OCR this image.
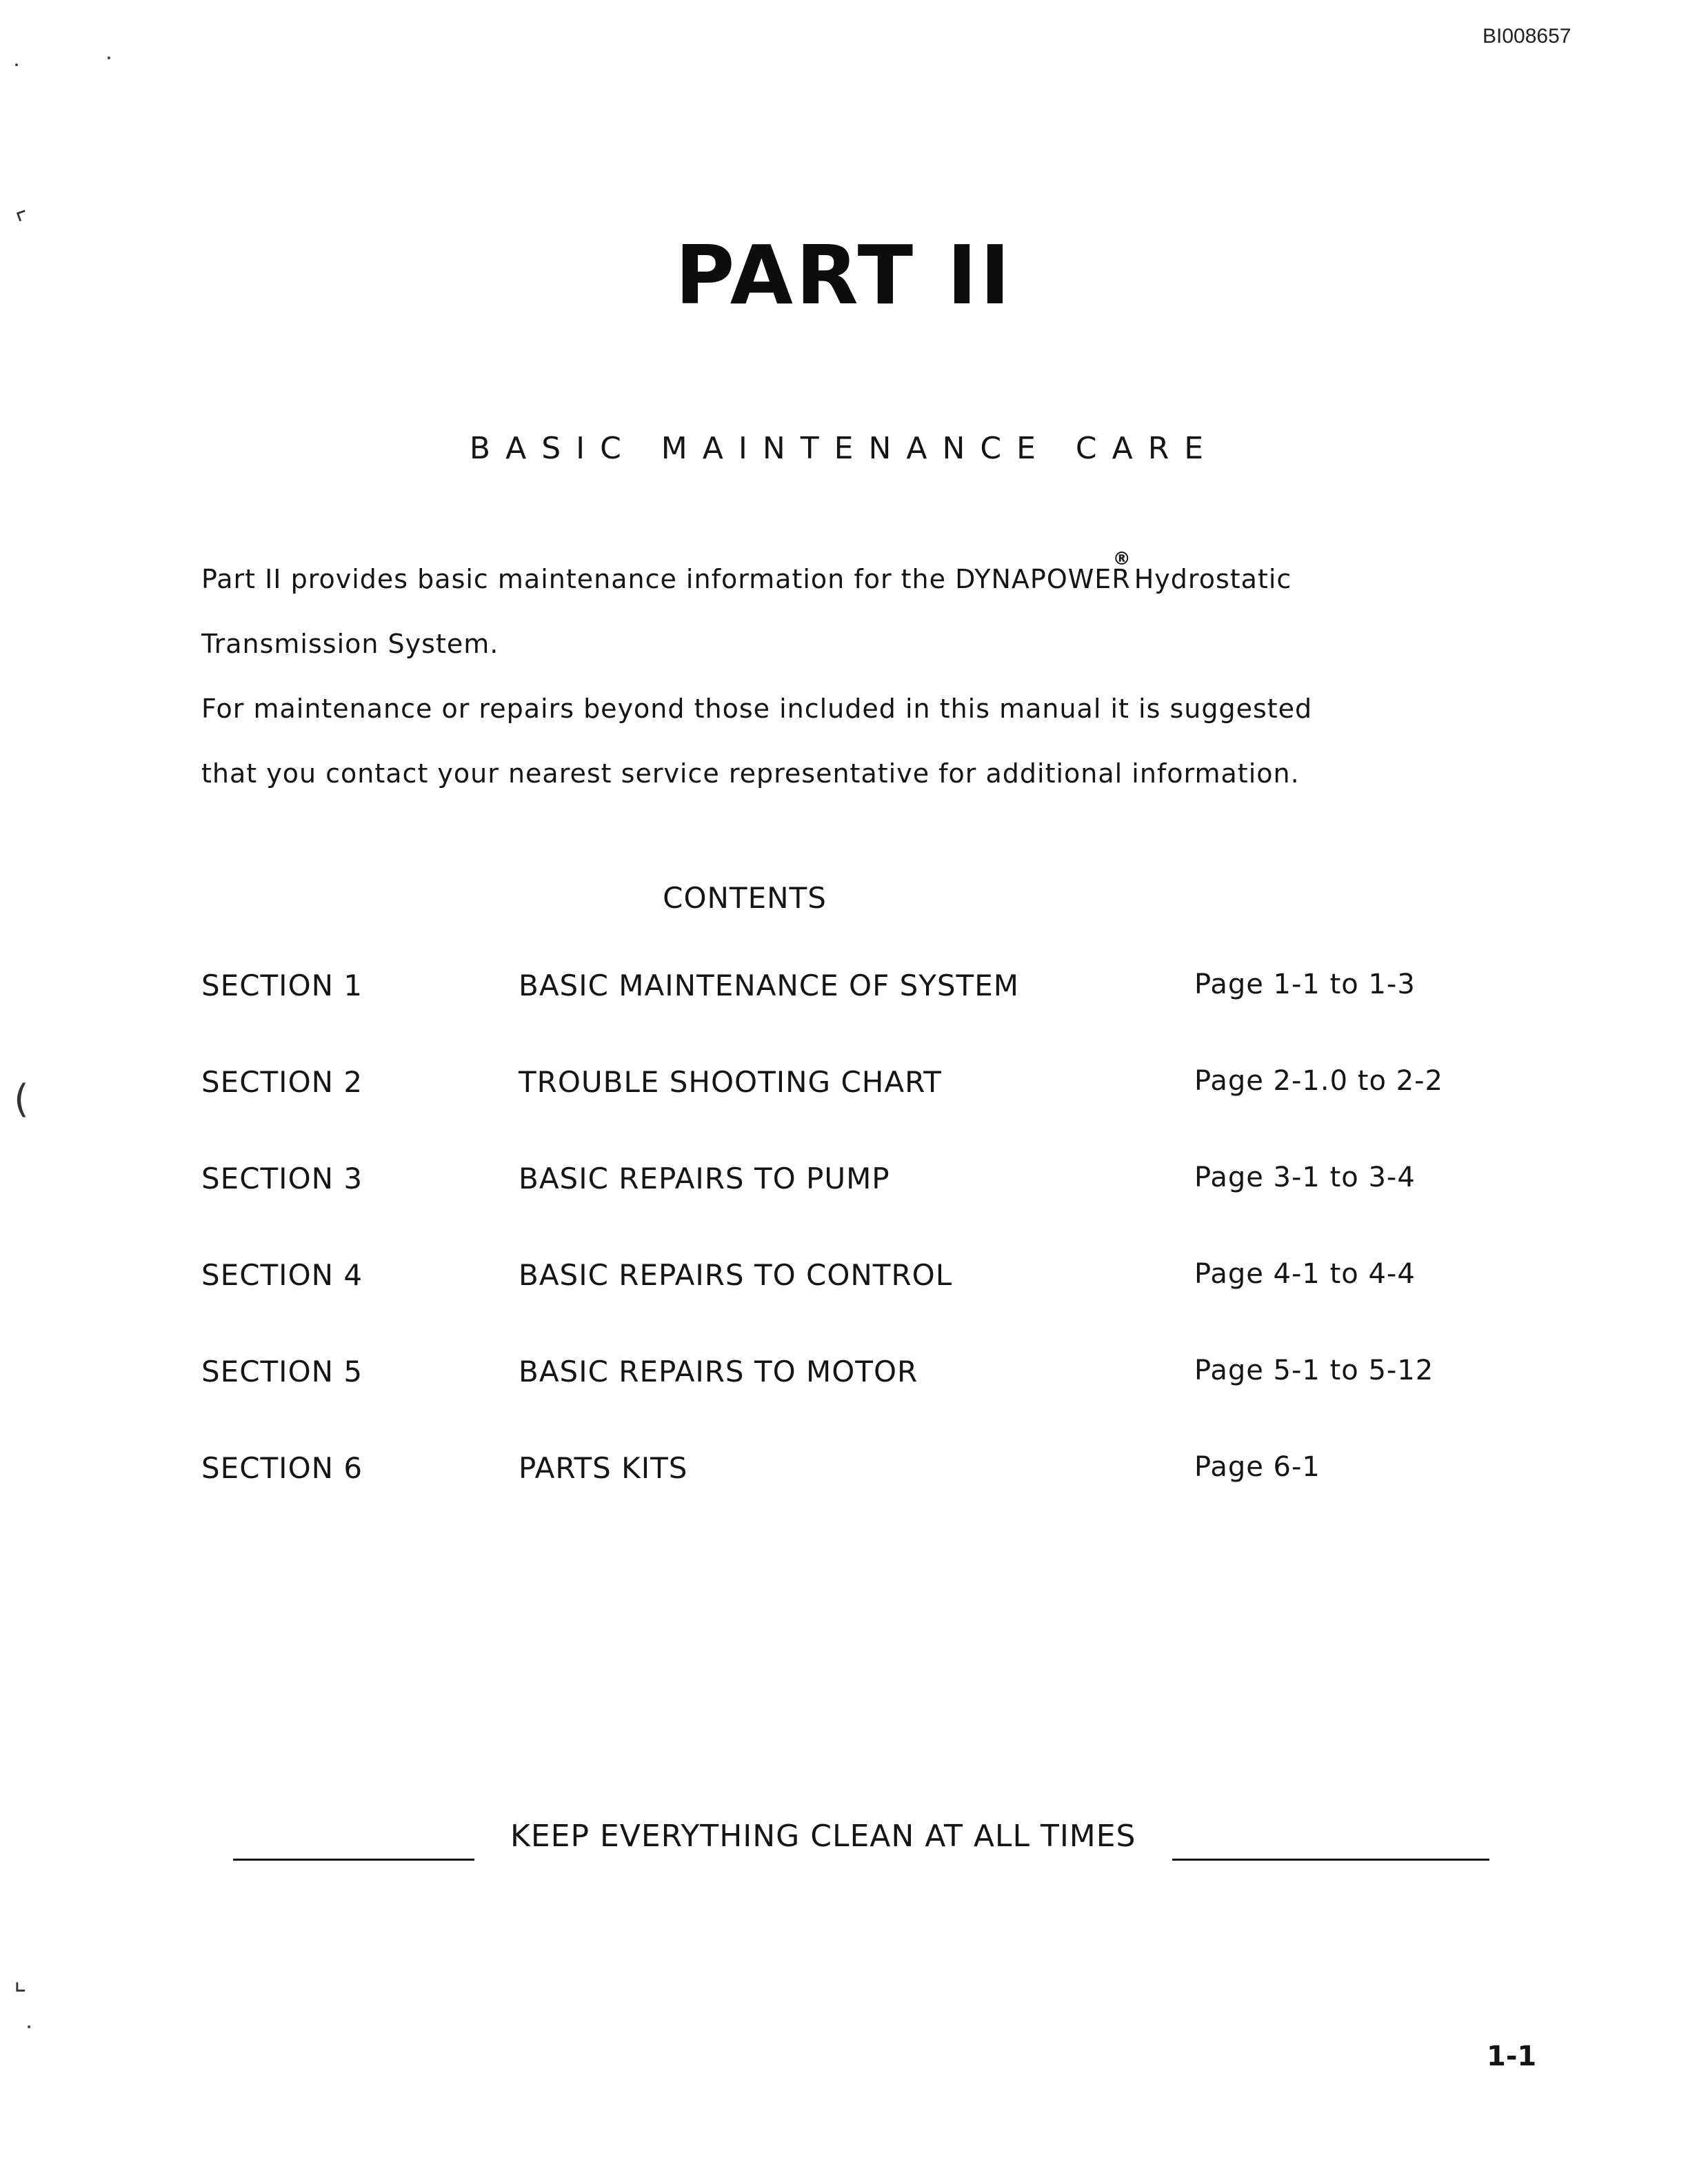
BI008657
⌜
(
⌞
PART II
BASIC MAINTENANCE CARE
Part II provides basic maintenance information for the DYNAPOWER®Hydrostatic
Transmission System.
For maintenance or repairs beyond those included in this manual it is suggested
that you contact your nearest service representative for additional information.
CONTENTS
SECTION 1	BASIC MAINTENANCE OF SYSTEM	Page 1-1 to 1-3
SECTION 2	TROUBLE SHOOTING CHART	Page 2-1.0 to 2-2
SECTION 3	BASIC REPAIRS TO PUMP	Page 3-1 to 3-4
SECTION 4	BASIC REPAIRS TO CONTROL	Page 4-1 to 4-4
SECTION 5	BASIC REPAIRS TO MOTOR	Page 5-1 to 5-12
SECTION 6	PARTS KITS	Page 6-1
KEEP EVERYTHING CLEAN AT ALL TIMES
1-1
